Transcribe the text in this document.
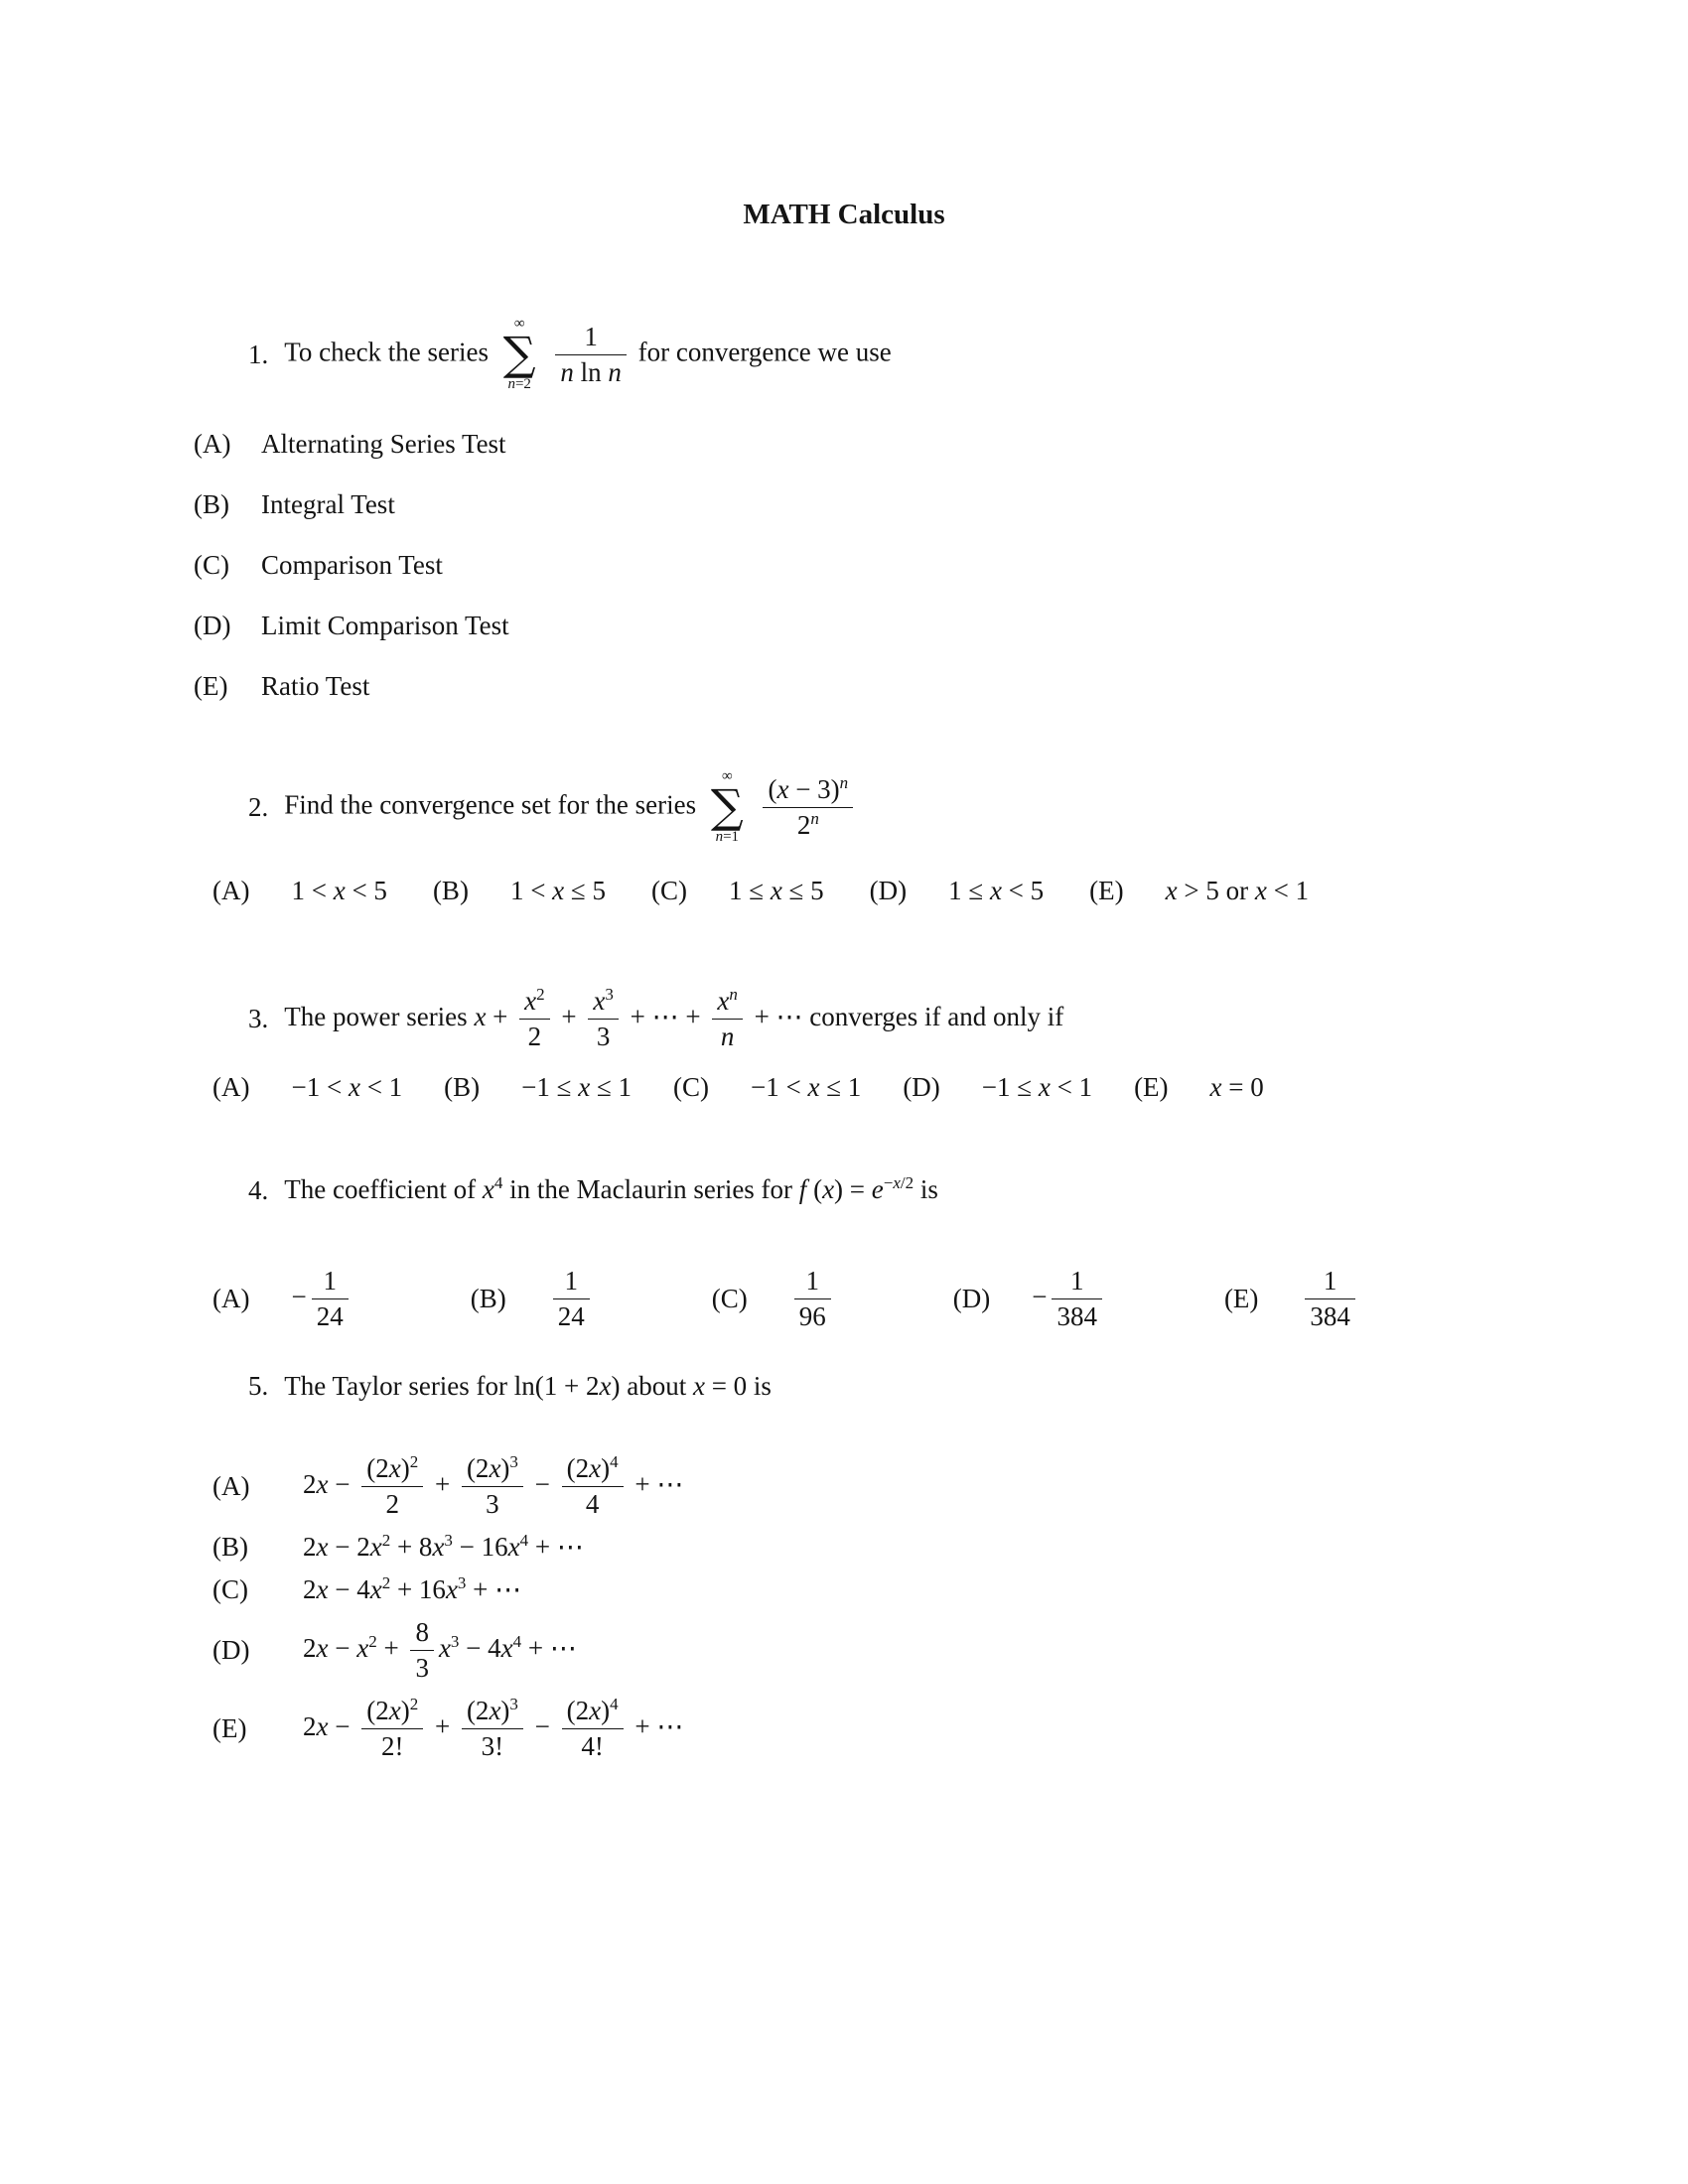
MATH Calculus
1. To check the series
∞
∑
n=2
$\frac{1}{\text{n ln n}}$ for convergence we use
(A)	Alternating Series Test
(B)	Integral Test
(C)	Comparison Test
(D)	Limit Comparison Test
(E)	Ratio Test
2. Find the convergence set for the series
∞
∑
n=1
$\frac{(x - 3)^n}{2^n}$
(A) 1 < x < 5 (B) 1 < x ≤ 5 (C) 1 ≤ x ≤ 5 (D) 1 ≤ x < 5 (E) x > 5 or x < 1
3. The power series $x + \frac{x^2}{2} + \frac{x^3}{3}$ + ⋯ + $\frac{x^n}{n}$ + ⋯ converges if and only if
(A) −1 < x < 1 (B) −1 ≤ x ≤ 1 (C) −1 < x ≤ 1 (D) −1 ≤ x < 1 (E) x = 0
4. The coefficient of $x^4$ in the Maclaurin series for f $(x) = e^{-x/2}$ is
$(A) - \frac{1}{24}$	$(B) \frac{1}{24}$	$(C) \frac{1}{96}$	$(D) - \frac{1}{384}$	$(E) \frac{1}{384}$
5. The Taylor series for ln(1 + 2x) about x = 0 is
(A)	$2x - \frac{(2x)^2}{2} + \frac{(2x)^3}{3} - \frac{(2x)^4}{4}$ + ⋯
(B)	$2x - 2x^2 + 8x^3 - 16x^4$ + ⋯
(C)	$2x - 4x^2 + 16x^3$ + ⋯
(D)	$2x - x^2 + \frac{8}{3} x^3 - 4x^4$ + ⋯
(E)	$2x - \frac{(2x)^2}{2!} + \frac{(2x)^3}{3!} - \frac{(2x)^4}{4!}$ + ⋯
